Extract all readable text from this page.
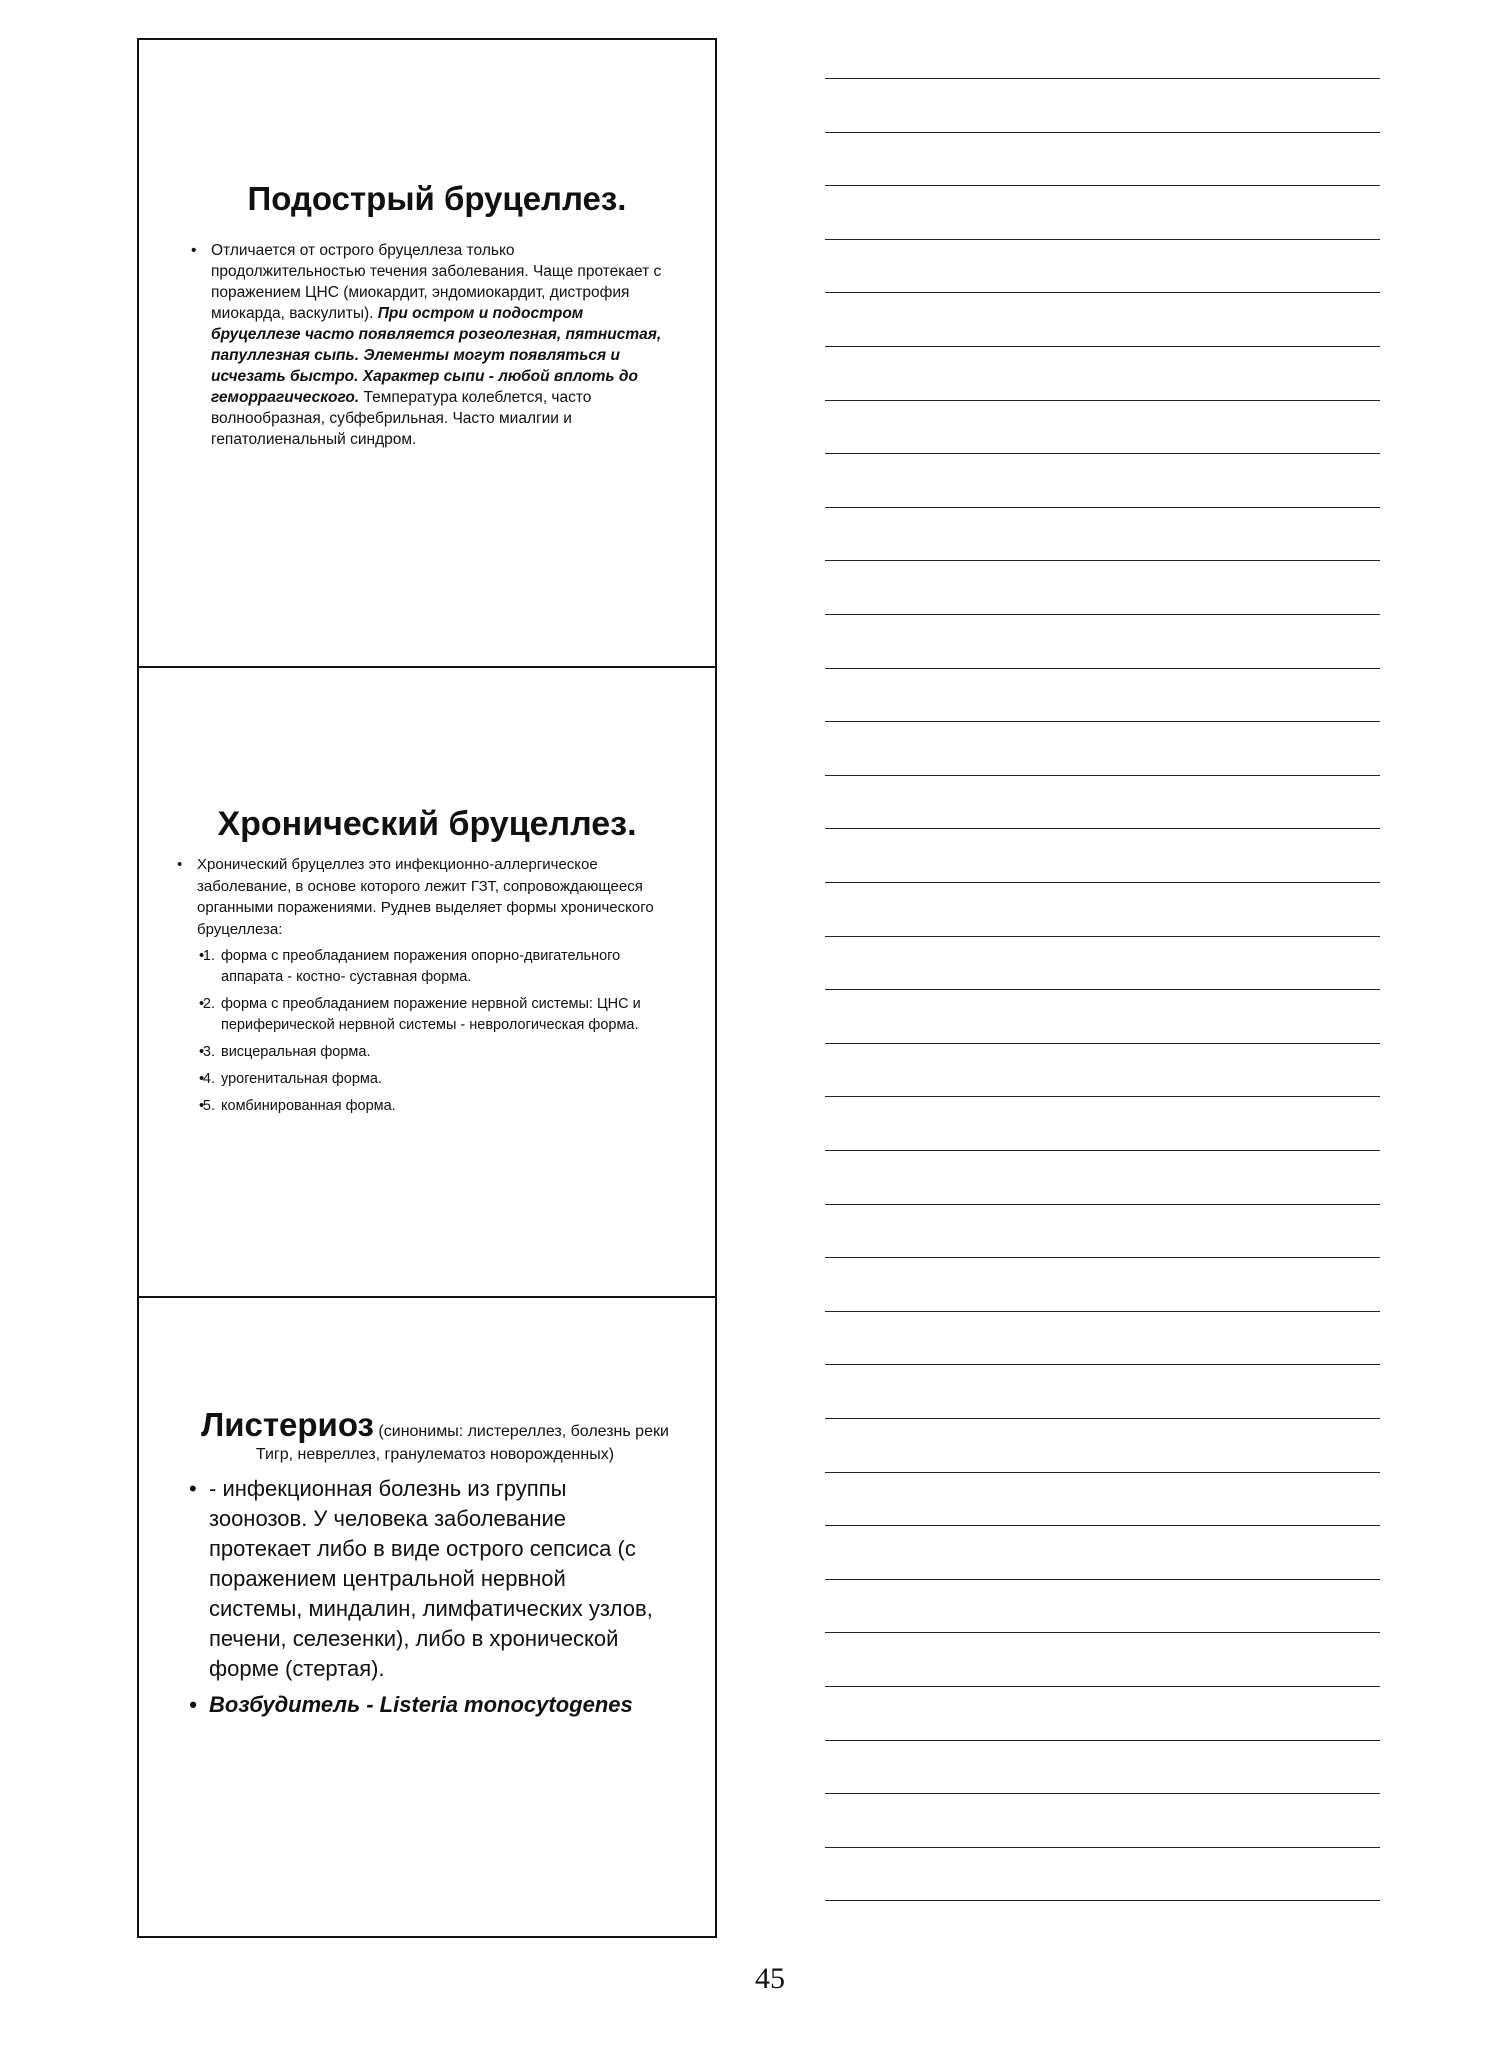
Подострый бруцеллез.
• Отличается от острого бруцеллеза только продолжительностью течения заболевания. Чаще протекает с поражением ЦНС (миокардит, эндомиокардит, дистрофия миокарда, васкулиты). При остром и подостром бруцеллезе часто появляется розеолезная, пятнистая, папуллезная сыпь. Элементы могут появляться и исчезать быстро. Характер сыпи - любой вплоть до геморрагического. Температура колеблется, часто волнообразная, субфебрильная. Часто миалгии и гепатолиенальный синдром.
Хронический бруцеллез.
• Хронический бруцеллез это инфекционно-аллергическое заболевание, в основе которого лежит ГЗТ, сопровождающееся органными поражениями. Руднев выделяет формы хронического бруцеллеза:
• 1. форма с преобладанием поражения опорно-двигательного аппарата - костно- суставная форма.
• 2. форма с преобладанием поражение нервной системы: ЦНС и периферической нервной системы - неврологическая форма.
• 3. висцеральная форма.
• 4. урогенитальная форма.
• 5. комбинированная форма.
Листериоз (синонимы: листереллез, болезнь реки Тигр, невреллез, гранулематоз новорожденных)
• - инфекционная болезнь из группы зоонозов. У человека заболевание протекает либо в виде острого сепсиса (с поражением центральной нервной системы, миндалин, лимфатических узлов, печени, селезенки), либо в хронической форме (стертая).
• Возбудитель - Listeria monocytogenes
45
